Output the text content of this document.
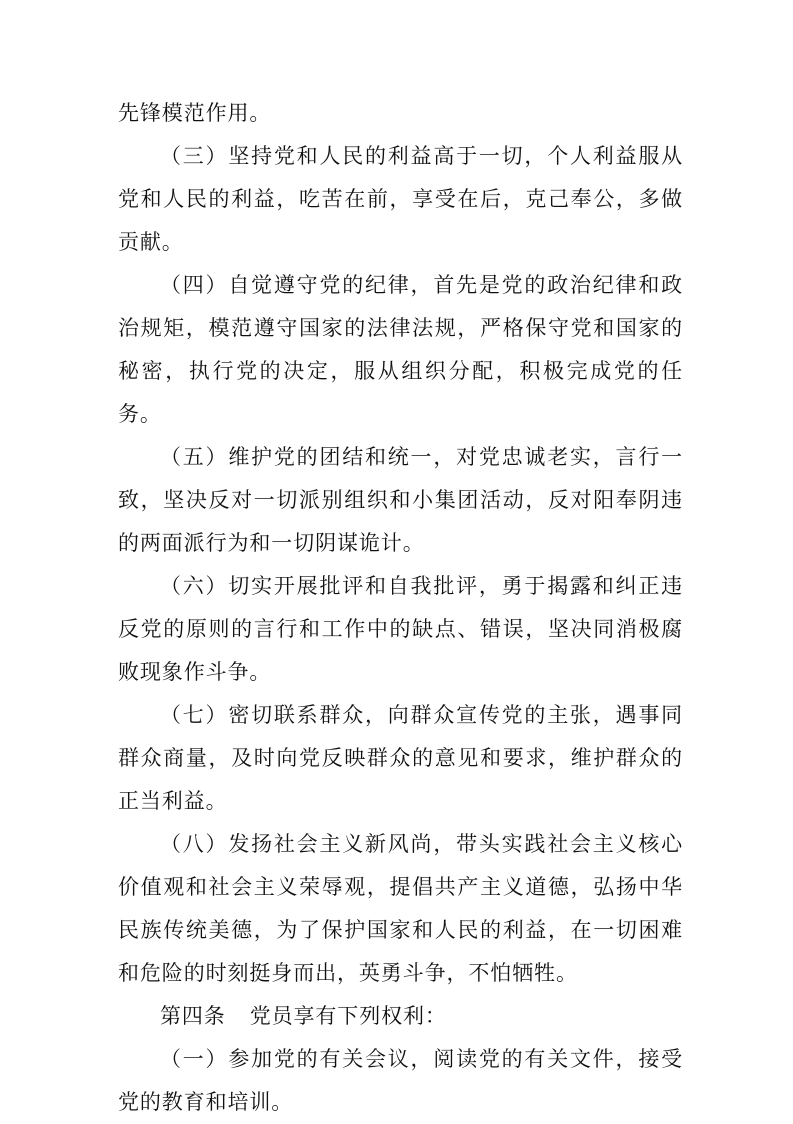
先锋模范作用。

（三）坚持党和人民的利益高于一切，个人利益服从党和人民的利益，吃苦在前，享受在后，克己奉公，多做贡献。

（四）自觉遵守党的纪律，首先是党的政治纪律和政治规矩，模范遵守国家的法律法规，严格保守党和国家的秘密，执行党的决定，服从组织分配，积极完成党的任务。

（五）维护党的团结和统一，对党忠诚老实，言行一致，坚决反对一切派别组织和小集团活动，反对阳奉阴违的两面派行为和一切阴谋诡计。

（六）切实开展批评和自我批评，勇于揭露和纠正违反党的原则的言行和工作中的缺点、错误，坚决同消极腐败现象作斗争。

（七）密切联系群众，向群众宣传党的主张，遇事同群众商量，及时向党反映群众的意见和要求，维护群众的正当利益。

（八）发扬社会主义新风尚，带头实践社会主义核心价值观和社会主义荣辱观，提倡共产主义道德，弘扬中华民族传统美德，为了保护国家和人民的利益，在一切困难和危险的时刻挺身而出，英勇斗争，不怕牺牲。

第四条 党员享有下列权利：

（一）参加党的有关会议，阅读党的有关文件，接受党的教育和培训。
